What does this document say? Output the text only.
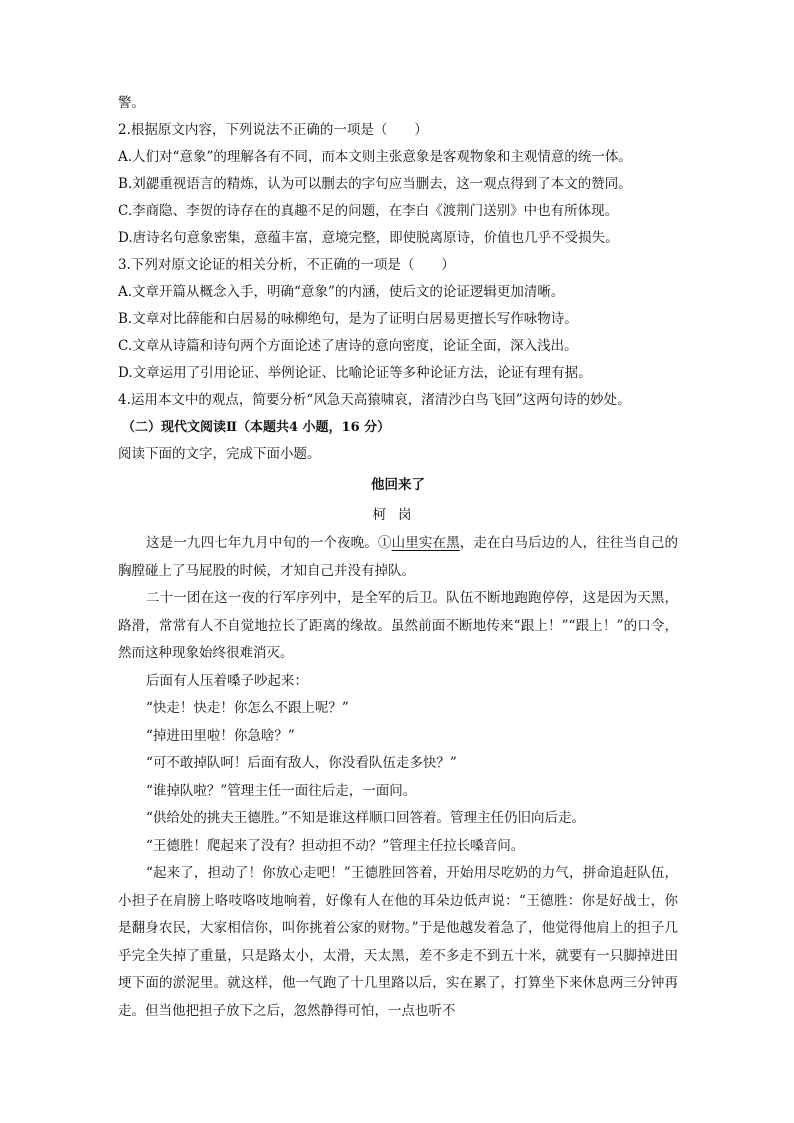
警。
2.根据原文内容，下列说法不正确的一项是（　　）
A.人们对“意象”的理解各有不同，而本文则主张意象是客观物象和主观情意的统一体。
B.刘勰重视语言的精炼，认为可以删去的字句应当删去，这一观点得到了本文的赞同。
C.李商隐、李贺的诗存在的真趣不足的问题，在李白《渡荆门送别》中也有所体现。
D.唐诗名句意象密集，意蕴丰富，意境完整，即使脱离原诗，价值也几乎不受损失。
3.下列对原文论证的相关分析，不正确的一项是（　　）
A.文章开篇从概念入手，明确“意象”的内涵，使后文的论证逻辑更加清晰。
B.文章对比薛能和白居易的咏柳绝句，是为了证明白居易更擅长写作咏物诗。
C.文章从诗篇和诗句两个方面论述了唐诗的意向密度，论证全面，深入浅出。
D.文章运用了引用论证、举例论证、比喻论证等多种论证方法，论证有理有据。
4.运用本文中的观点，简要分析“风急天高猿啸哀，渚清沙白鸟飞回”这两句诗的妙处。
（二）现代文阅读Ⅱ（本题共4 小题，16 分）
阅读下面的文字，完成下面小题。
他回来了
柯岗
这是一九四七年九月中旬的一个夜晚。①山里实在黑，走在白马后边的人，往往当自己的胸膛碰上了马屁股的时候，才知自己并没有掉队。
二十一团在这一夜的行军序列中，是全军的后卫。队伍不断地跑跑停停，这是因为天黑，路滑，常常有人不自觉地拉长了距离的缘故。虽然前面不断地传来“跟上！”“跟上！”的口令，然而这种现象始终很难消灭。
后面有人压着嗓子吵起来：
“快走！快走！你怎么不跟上呢？”
“掉进田里啦！你急啥？”
“可不敢掉队呵！后面有敌人，你没看队伍走多快？”
“谁掉队啦？”管理主任一面往后走，一面问。
“供给处的挑夫王德胜。”不知是谁这样顺口回答着。管理主任仍旧向后走。
“王德胜！爬起来了没有？担动担不动？”管理主任拉长嗓音问。
“起来了，担动了！你放心走吧！”王德胜回答着，开始用尽吃奶的力气，拼命追赶队伍，小担子在肩膀上咯吱咯吱地响着，好像有人在他的耳朵边低声说：“王德胜：你是好战士，你是翻身农民，大家相信你，叫你挑着公家的财物。”于是他越发着急了，他觉得他肩上的担子几乎完全失掉了重量，只是路太小，太滑，天太黑，差不多走不到五十米，就要有一只脚掉进田埂下面的淤泥里。就这样，他一气跑了十几里路以后，实在累了，打算坐下来休息两三分钟再走。但当他把担子放下之后，忽然静得可怕，一点也听不
